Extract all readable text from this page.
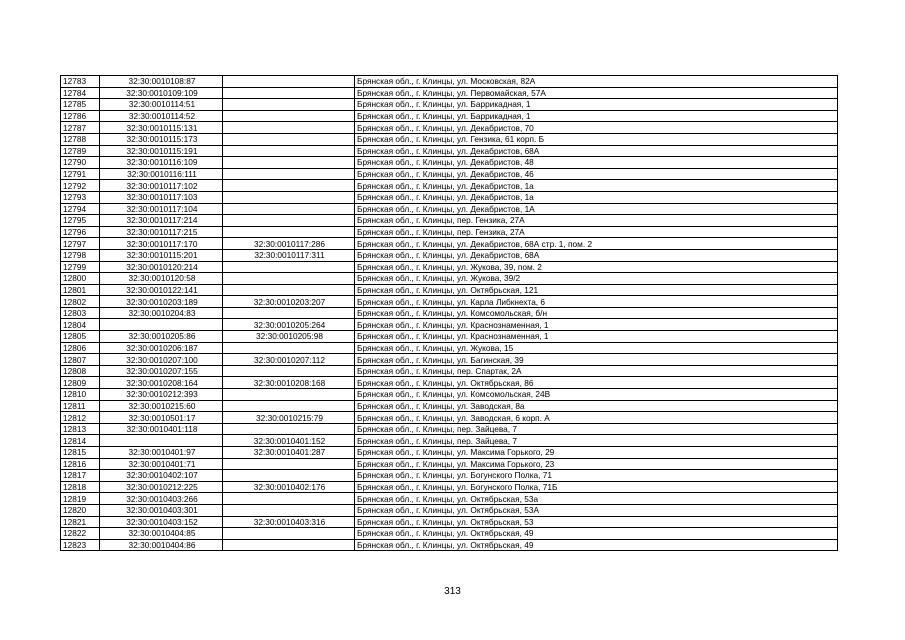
12783	32:30:0010108:87		Брянская обл., г. Клинцы, ул. Московская, 82А
12784	32:30:0010109:109		Брянская обл., г. Клинцы, ул. Первомайская, 57А
12785	32:30:0010114:51		Брянская обл., г. Клинцы, ул. Баррикадная, 1
12786	32:30:0010114:52		Брянская обл., г. Клинцы, ул. Баррикадная, 1
12787	32:30:0010115:131		Брянская обл., г. Клинцы, ул. Декабристов, 70
12788	32:30:0010115:173		Брянская обл., г. Клинцы, ул. Гензика, 61 корп. Б
12789	32:30:0010115:191		Брянская обл., г. Клинцы, ул. Декабристов, 68А
12790	32:30:0010116:109		Брянская обл., г. Клинцы, ул. Декабристов, 48
12791	32:30:0010116:111		Брянская обл., г. Клинцы, ул. Декабристов, 46
12792	32:30:0010117:102		Брянская обл., г. Клинцы, ул. Декабристов, 1а
12793	32:30:0010117:103		Брянская обл., г. Клинцы, ул. Декабристов, 1а
12794	32:30:0010117:104		Брянская обл., г. Клинцы, ул. Декабристов, 1А
12795	32:30:0010117:214		Брянская обл., г. Клинцы, пер. Гензика, 27А
12796	32:30:0010117:215		Брянская обл., г. Клинцы, пер. Гензика, 27А
12797	32:30:0010117:170	32:30:0010117:286	Брянская обл., г. Клинцы, ул. Декабристов, 68А стр. 1, пом. 2
12798	32:30:0010115:201	32:30:0010117:311	Брянская обл., г. Клинцы, ул. Декабристов, 68А
12799	32:30:0010120:214		Брянская обл., г. Клинцы, ул. Жукова, 39, пом. 2
12800	32:30:0010120:58		Брянская обл., г. Клинцы, ул. Жукова, 39/2
12801	32:30:0010122:141		Брянская обл., г. Клинцы, ул. Октябрьская, 121
12802	32:30:0010203:189	32:30:0010203:207	Брянская обл., г. Клинцы, ул. Карла Либкнехта, 6
12803	32:30:0010204:83		Брянская обл., г. Клинцы, ул. Комсомольская, б/н
12804		32:30:0010205:264	Брянская обл., г. Клинцы, ул. Краснознаменная, 1
12805	32:30:0010205:86	32:30:0010205:98	Брянская обл., г. Клинцы, ул. Краснознаменная, 1
12806	32:30:0010206:187		Брянская обл., г. Клинцы, ул. Жукова, 15
12807	32:30:0010207:100	32:30:0010207:112	Брянская обл., г. Клинцы, ул. Багинская, 39
12808	32:30:0010207:155		Брянская обл., г. Клинцы, пер. Спартак, 2А
12809	32:30:0010208:164	32:30:0010208:168	Брянская обл., г. Клинцы, ул. Октябрьская, 86
12810	32:30:0010212:393		Брянская обл., г. Клинцы, ул. Комсомольская, 24В
12811	32:30:0010215:60		Брянская обл., г. Клинцы, ул. Заводская, 8а
12812	32:30:0010501:17	32:30:0010215:79	Брянская обл., г. Клинцы, ул. Заводская, 6 корп. А
12813	32:30:0010401:118		Брянская обл., г. Клинцы, пер. Зайцева, 7
12814		32:30:0010401:152	Брянская обл., г. Клинцы, пер. Зайцева, 7
12815	32:30:0010401:97	32:30:0010401:287	Брянская обл., г. Клинцы, ул. Максима Горького, 29
12816	32:30:0010401:71		Брянская обл., г. Клинцы, ул. Максима Горького, 23
12817	32:30:0010402:107		Брянская обл., г. Клинцы, ул. Богунского Полка, 71
12818	32:30:0010212:225	32:30:0010402:176	Брянская обл., г. Клинцы, ул. Богунского Полка, 71Б
12819	32:30:0010403:266		Брянская обл., г. Клинцы, ул. Октябрьская, 53а
12820	32:30:0010403:301		Брянская обл., г. Клинцы, ул. Октябрьская, 53А
12821	32:30:0010403:152	32:30:0010403:316	Брянская обл., г. Клинцы, ул. Октябрьская, 53
12822	32:30:0010404:85		Брянская обл., г. Клинцы, ул. Октябрьская, 49
12823	32:30:0010404:86		Брянская обл., г. Клинцы, ул. Октябрьская, 49
313
